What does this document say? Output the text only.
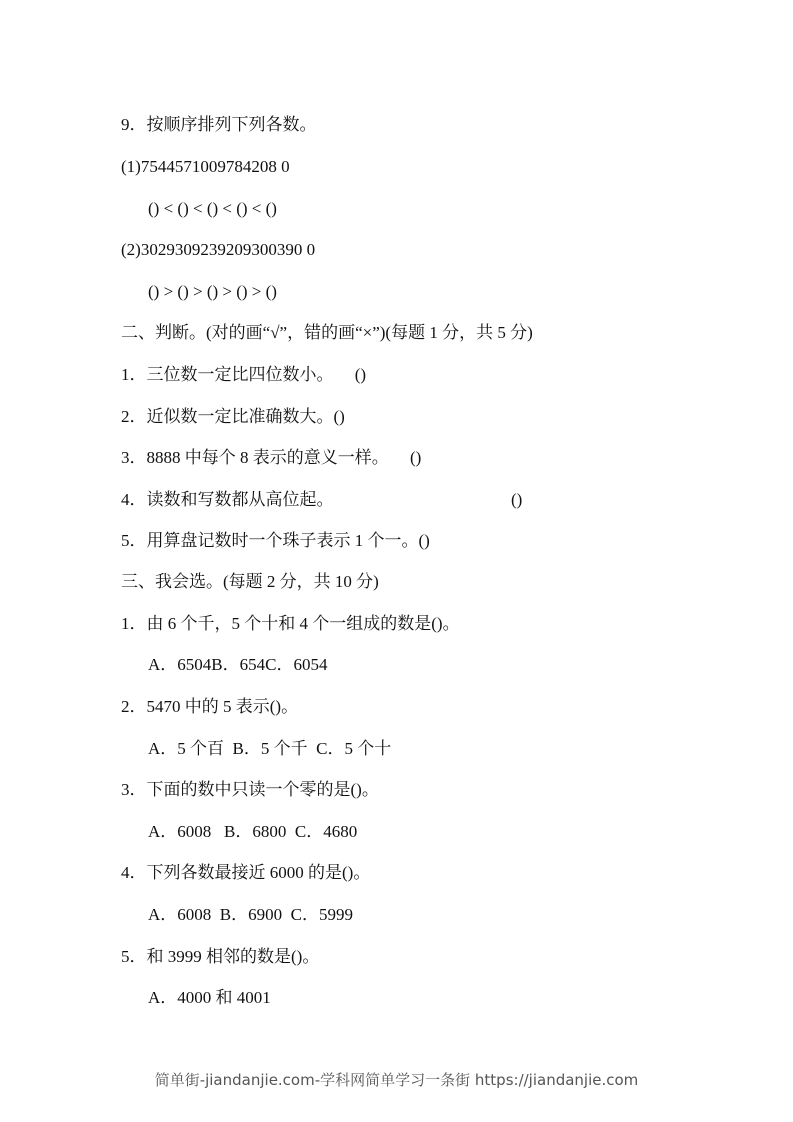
9．按顺序排列下列各数。
(1)7544571009784208 0
() < () < () < () < ()
(2)3029309239209300390 0
() > () > () > () > ()
二、判断。(对的画“√”，错的画“×”)(每题 1 分，共 5 分)
1．三位数一定比四位数小。     ()
2．近似数一定比准确数大。()
3．8888 中每个 8 表示的意义一样。     ()
4．读数和写数都从高位起。	()
5．用算盘记数时一个珠子表示 1 个一。()
三、我会选。(每题 2 分，共 10 分)
1．由 6 个千，5 个十和 4 个一组成的数是()。
A．6504B．654C．6054
2．5470 中的 5 表示()。
A．5 个百  B．5 个千  C．5 个十
3．下面的数中只读一个零的是()。
A．6008   B．6800  C．4680
4．下列各数最接近 6000 的是()。
A．6008  B．6900  C．5999
5．和 3999 相邻的数是()。
A．4000 和 4001
简单街-jiandanjie.com-学科网简单学习一条街 https://jiandanjie.com
